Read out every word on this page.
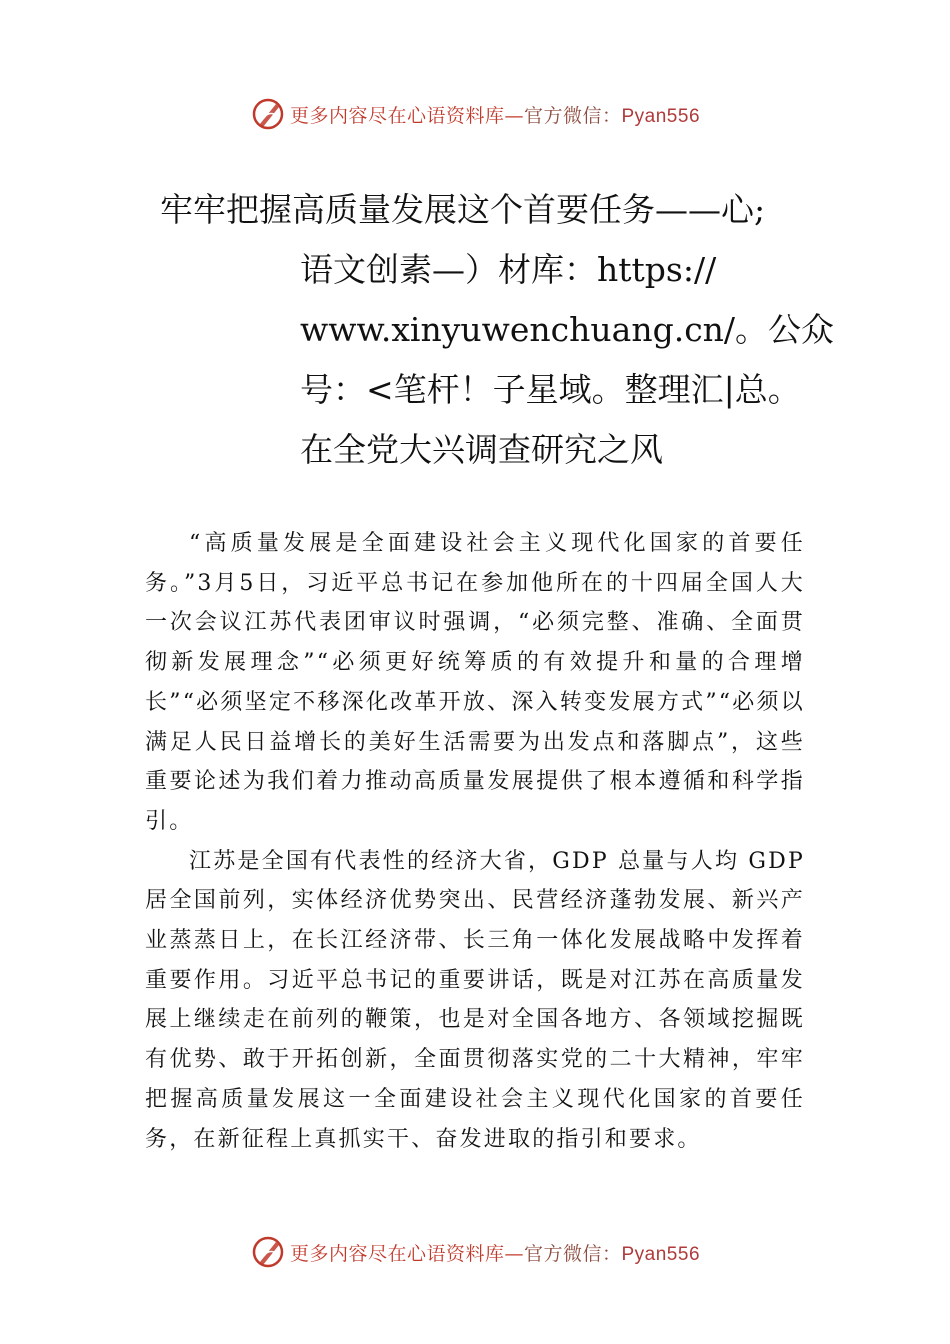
更多内容尽在心语资料库—官方微信：Pyan556
牢牢把握高质量发展这个首要任务——心;
语文创素—）材库：https://
www.xinyuwenchuang.cn/。公众
号：<笔杆！子星域。整理汇|总。
在全党大兴调查研究之风

“高质量发展是全面建设社会主义现代化国家的首要任务。”3月5日，习近平总书记在参加他所在的十四届全国人大一次会议江苏代表团审议时强调，“必须完整、准确、全面贯彻新发展理念”“必须更好统筹质的有效提升和量的合理增长”“必须坚定不移深化改革开放、深入转变发展方式”“必须以满足人民日益增长的美好生活需要为出发点和落脚点”，这些重要论述为我们着力推动高质量发展提供了根本遵循和科学指引。

江苏是全国有代表性的经济大省，GDP 总量与人均 GDP 居全国前列，实体经济优势突出、民营经济蓬勃发展、新兴产业蒸蒸日上，在长江经济带、长三角一体化发展战略中发挥着重要作用。习近平总书记的重要讲话，既是对江苏在高质量发展上继续走在前列的鞭策，也是对全国各地方、各领域挖掘既有优势、敢于开拓创新，全面贯彻落实党的二十大精神，牢牢把握高质量发展这一全面建设社会主义现代化国家的首要任务，在新征程上真抓实干、奋发进取的指引和要求。

更多内容尽在心语资料库—官方微信：Pyan556
